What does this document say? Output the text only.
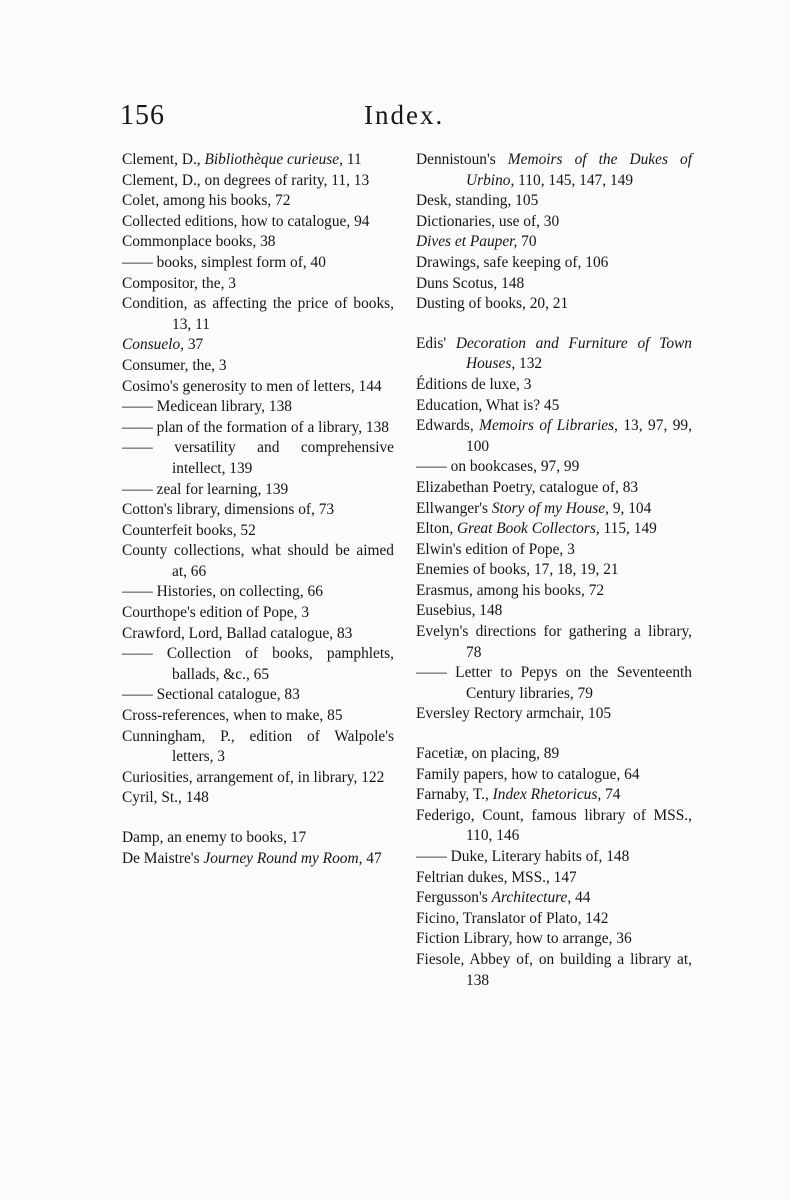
156	Index.
Clement, D., Bibliothèque curieuse, 11
Clement, D., on degrees of rarity, 11, 13
Colet, among his books, 72
Collected editions, how to catalogue, 94
Commonplace books, 38
—— books, simplest form of, 40
Compositor, the, 3
Condition, as affecting the price of books, 13, 11
Consuelo, 37
Consumer, the, 3
Cosimo's generosity to men of letters, 144
—— Medicean library, 138
—— plan of the formation of a library, 138
—— versatility and comprehensive intellect, 139
—— zeal for learning, 139
Cotton's library, dimensions of, 73
Counterfeit books, 52
County collections, what should be aimed at, 66
—— Histories, on collecting, 66
Courthope's edition of Pope, 3
Crawford, Lord, Ballad catalogue, 83
—— Collection of books, pamphlets, ballads, &c., 65
—— Sectional catalogue, 83
Cross-references, when to make, 85
Cunningham, P., edition of Walpole's letters, 3
Curiosities, arrangement of, in library, 122
Cyril, St., 148
Damp, an enemy to books, 17
De Maistre's Journey Round my Room, 47
Dennistoun's Memoirs of the Dukes of Urbino, 110, 145, 147, 149
Desk, standing, 105
Dictionaries, use of, 30
Dives et Pauper, 70
Drawings, safe keeping of, 106
Duns Scotus, 148
Dusting of books, 20, 21
Edis' Decoration and Furniture of Town Houses, 132
Éditions de luxe, 3
Education, What is? 45
Edwards, Memoirs of Libraries, 13, 97, 99, 100
—— on bookcases, 97, 99
Elizabethan Poetry, catalogue of, 83
Ellwanger's Story of my House, 9, 104
Elton, Great Book Collectors, 115, 149
Elwin's edition of Pope, 3
Enemies of books, 17, 18, 19, 21
Erasmus, among his books, 72
Eusebius, 148
Evelyn's directions for gathering a library, 78
—— Letter to Pepys on the Seventeenth Century libraries, 79
Eversley Rectory armchair, 105
Facetiæ, on placing, 89
Family papers, how to catalogue, 64
Farnaby, T., Index Rhetoricus, 74
Federigo, Count, famous library of MSS., 110, 146
—— Duke, Literary habits of, 148
Feltrian dukes, MSS., 147
Fergusson's Architecture, 44
Ficino, Translator of Plato, 142
Fiction Library, how to arrange, 36
Fiesole, Abbey of, on building a library at, 138
